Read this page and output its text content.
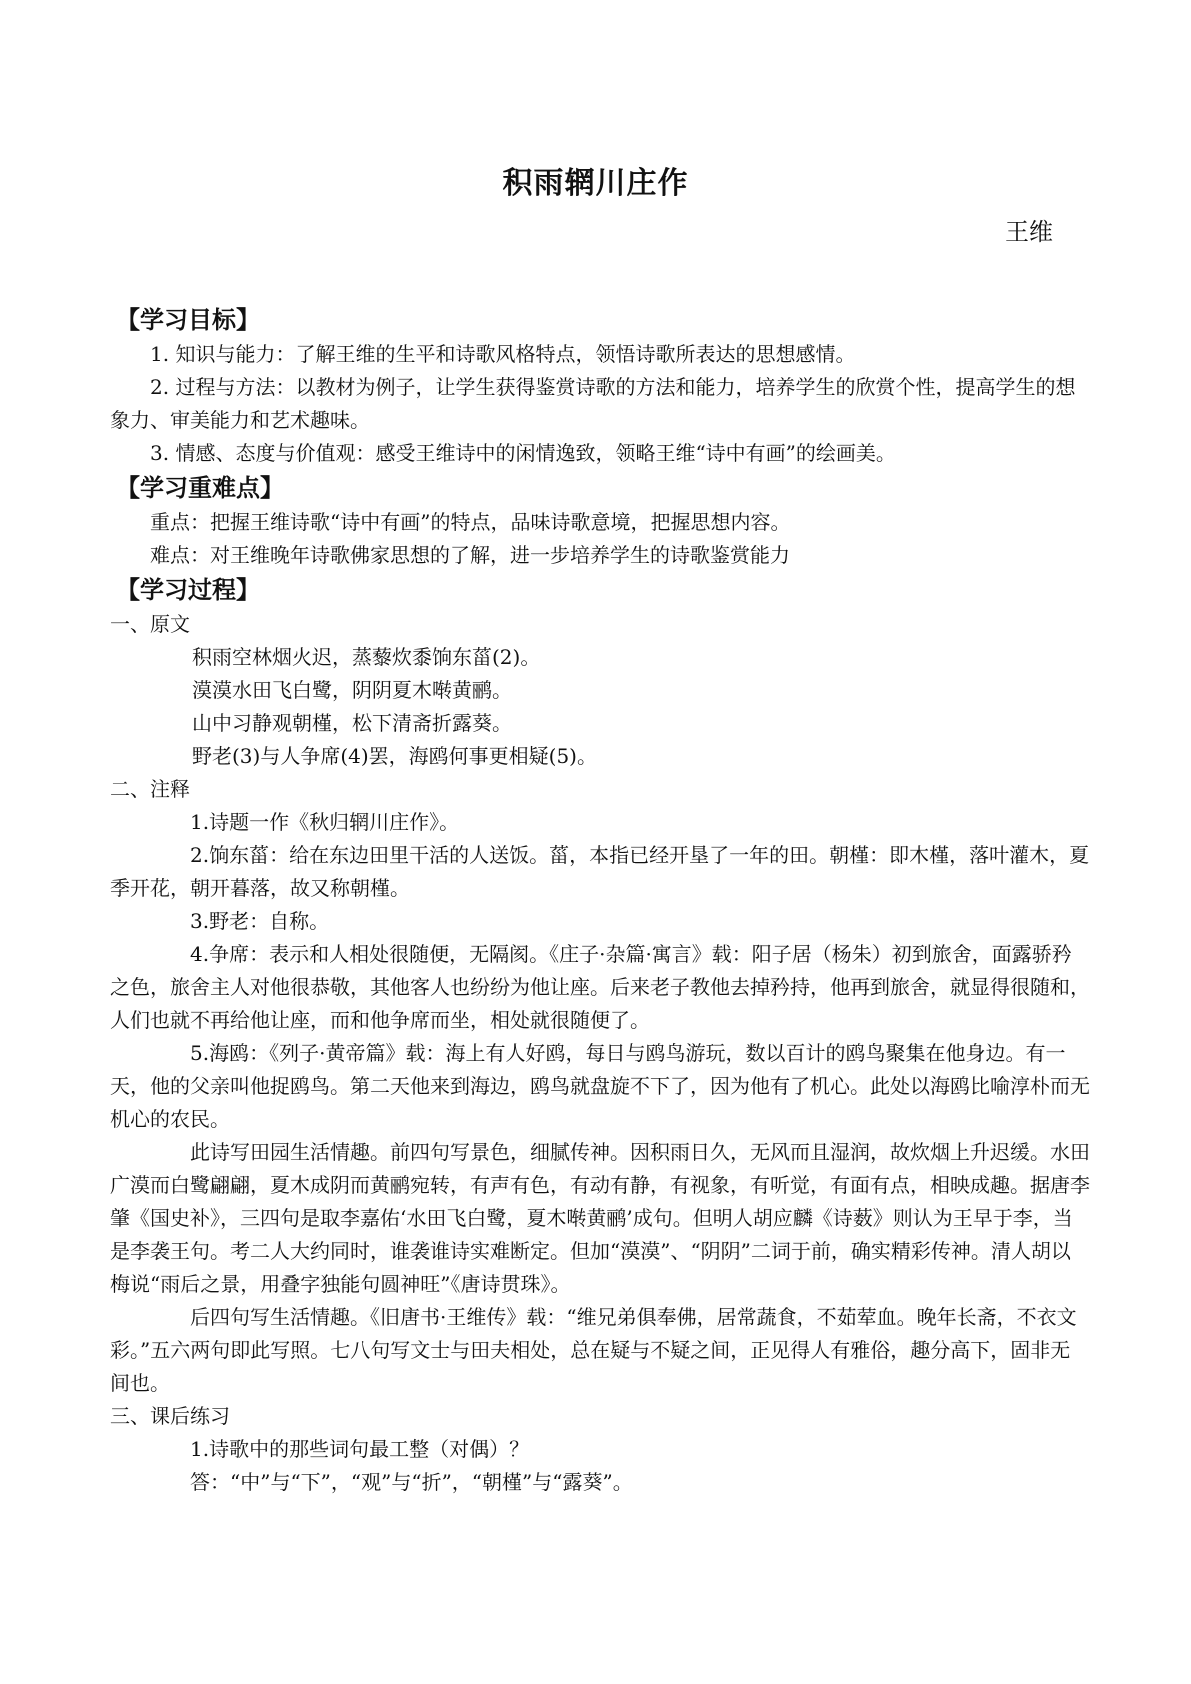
积雨辋川庄作
王维
【学习目标】

1. 知识与能力：了解王维的生平和诗歌风格特点，领悟诗歌所表达的思想感情。

2. 过程与方法：以教材为例子，让学生获得鉴赏诗歌的方法和能力，培养学生的欣赏个性，提高学生的想象力、审美能力和艺术趣味。

3. 情感、态度与价值观：感受王维诗中的闲情逸致，领略王维“诗中有画”的绘画美。

【学习重难点】

重点：把握王维诗歌“诗中有画”的特点，品味诗歌意境，把握思想内容。

难点：对王维晚年诗歌佛家思想的了解，进一步培养学生的诗歌鉴赏能力

【学习过程】

一、原文

积雨空林烟火迟，蒸藜炊黍饷东菑(2)。

漠漠水田飞白鹭，阴阴夏木啭黄鹂。

山中习静观朝槿，松下清斋折露葵。

野老(3)与人争席(4)罢，海鸥何事更相疑(5)。

二、注释

1.诗题一作《秋归辋川庄作》。

2.饷东菑：给在东边田里干活的人送饭。菑，本指已经开垦了一年的田。朝槿：即木槿，落叶灌木，夏季开花，朝开暮落，故又称朝槿。

3.野老：自称。

4.争席：表示和人相处很随便，无隔阂。《庄子·杂篇·寓言》载：阳子居（杨朱）初到旅舍，面露骄矜之色，旅舍主人对他很恭敬，其他客人也纷纷为他让座。后来老子教他去掉矜持，他再到旅舍，就显得很随和，人们也就不再给他让座，而和他争席而坐，相处就很随便了。

5.海鸥：《列子·黄帝篇》载：海上有人好鸥，每日与鸥鸟游玩，数以百计的鸥鸟聚集在他身边。有一天，他的父亲叫他捉鸥鸟。第二天他来到海边，鸥鸟就盘旋不下了，因为他有了机心。此处以海鸥比喻淳朴而无机心的农民。

此诗写田园生活情趣。前四句写景色，细腻传神。因积雨日久，无风而且湿润，故炊烟上升迟缓。水田广漠而白鹭翩翩，夏木成阴而黄鹂宛转，有声有色，有动有静，有视象，有听觉，有面有点，相映成趣。据唐李肇《国史补》，三四句是取李嘉佑‘水田飞白鹭，夏木啭黄鹂’成句。但明人胡应麟《诗薮》则认为王早于李，当是李袭王句。考二人大约同时，谁袭谁诗实难断定。但加“漠漠”、“阴阴”二词于前，确实精彩传神。清人胡以梅说“雨后之景，用叠字独能句圆神旺”《唐诗贯珠》。

后四句写生活情趣。《旧唐书·王维传》载：“维兄弟俱奉佛，居常蔬食，不茹荤血。晚年长斋，不衣文彩。”五六两句即此写照。七八句写文士与田夫相处，总在疑与不疑之间，正见得人有雅俗，趣分高下，固非无间也。

三、课后练习

1.诗歌中的那些词句最工整（对偶）？

答：“中”与“下”，“观”与“折”，“朝槿”与“露葵”。
